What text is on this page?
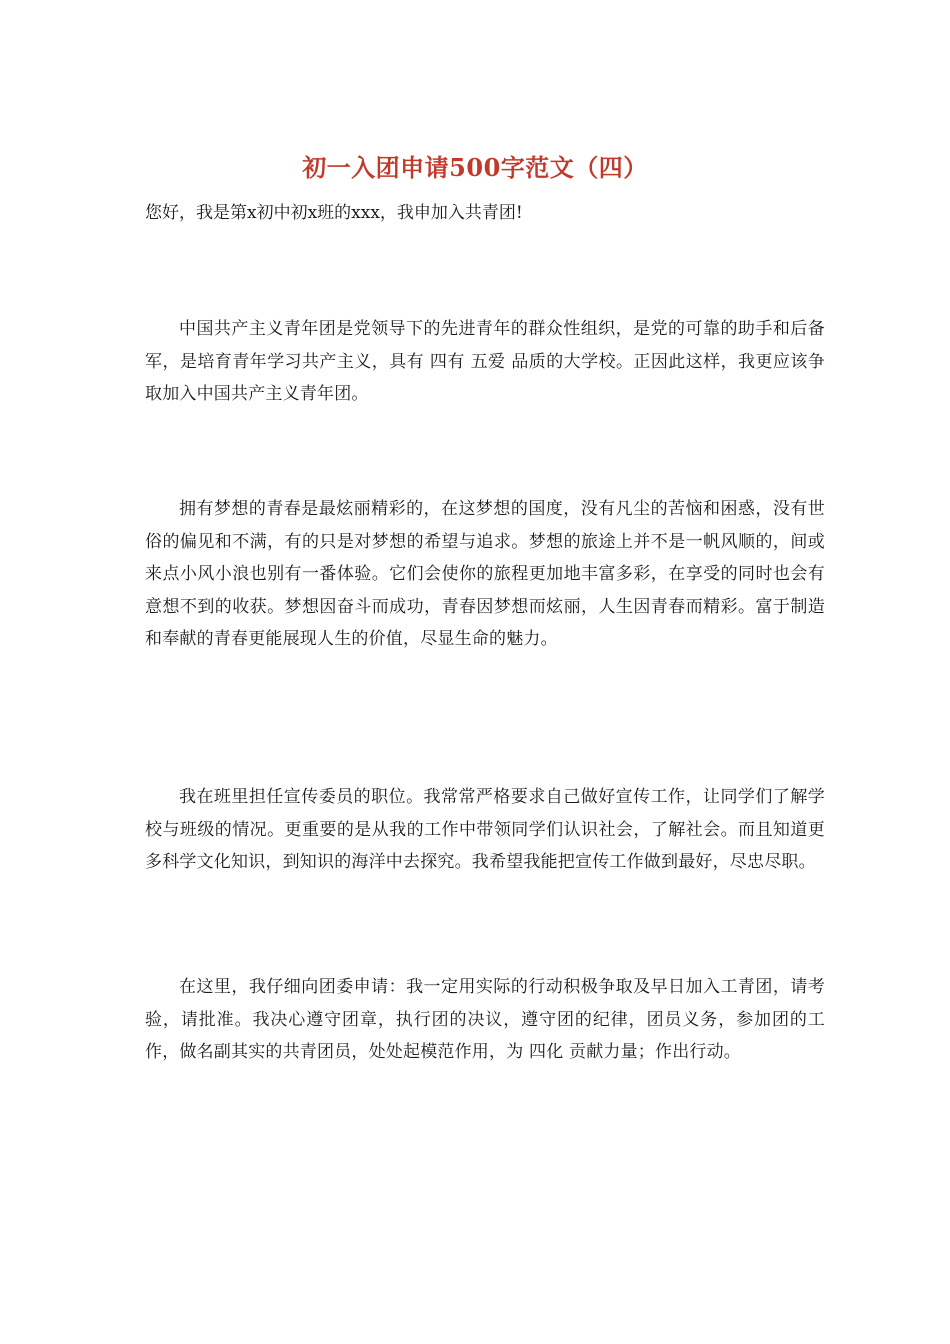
初一入团申请500字范文（四）
您好，我是第x初中初x班的xxx，我申加入共青团!

中国共产主义青年团是党领导下的先进青年的群众性组织，是党的可靠的助手和后备军，是培育青年学习共产主义，具有 四有 五爱 品质的大学校。正因此这样，我更应该争取加入中国共产主义青年团。

拥有梦想的青春是最炫丽精彩的，在这梦想的国度，没有凡尘的苦恼和困惑，没有世俗的偏见和不满，有的只是对梦想的希望与追求。梦想的旅途上并不是一帆风顺的，间或来点小风小浪也别有一番体验。它们会使你的旅程更加地丰富多彩，在享受的同时也会有意想不到的收获。梦想因奋斗而成功，青春因梦想而炫丽，人生因青春而精彩。富于制造和奉献的青春更能展现人生的价值，尽显生命的魅力。

我在班里担任宣传委员的职位。我常常严格要求自己做好宣传工作，让同学们了解学校与班级的情况。更重要的是从我的工作中带领同学们认识社会，了解社会。而且知道更多科学文化知识，到知识的海洋中去探究。我希望我能把宣传工作做到最好，尽忠尽职。

在这里，我仔细向团委申请：我一定用实际的行动积极争取及早日加入工青团，请考验，请批准。我决心遵守团章，执行团的决议，遵守团的纪律，团员义务，参加团的工作，做名副其实的共青团员，处处起模范作用，为 四化 贡献力量；作出行动。
